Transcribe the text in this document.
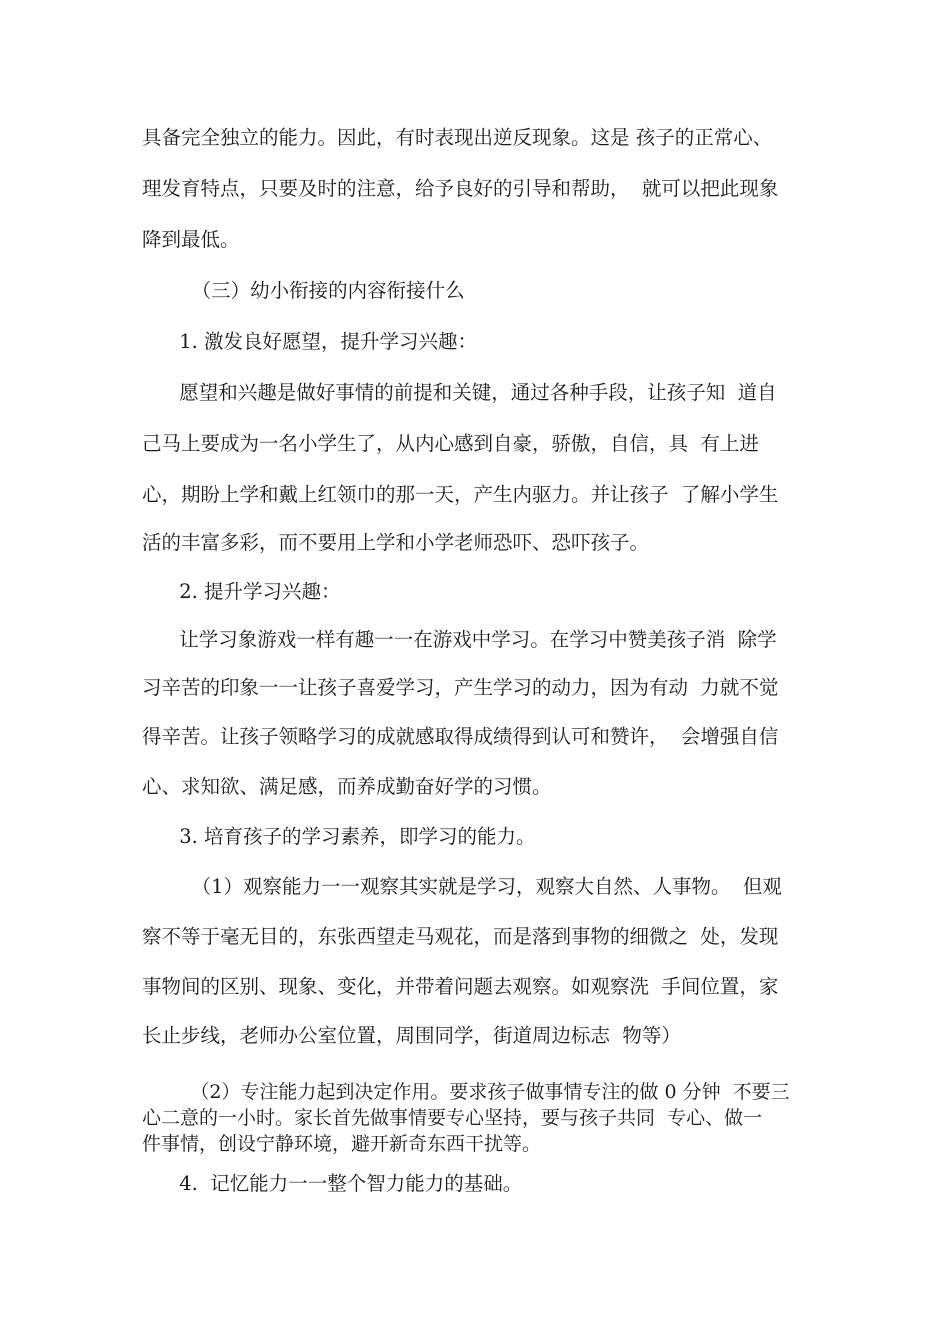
具备完全独立的能力。因此，有时表现出逆反现象。这是 孩子的正常心、

理发育特点，只要及时的注意，给予良好的引导和帮助，  就可以把此现象

降到最低。

（三）幼小衔接的内容衔接什么

1. 激发良好愿望，提升学习兴趣：

愿望和兴趣是做好事情的前提和关键，通过各种手段，让孩子知  道自

己马上要成为一名小学生了，从内心感到自豪，骄傲，自信，具  有上进

心，期盼上学和戴上红领巾的那一天，产生内驱力。并让孩子  了解小学生

活的丰富多彩，而不要用上学和小学老师恐吓、恐吓孩子。

2. 提升学习兴趣：

让学习象游戏一样有趣一一在游戏中学习。在学习中赞美孩子消  除学

习辛苦的印象一一让孩子喜爱学习，产生学习的动力，因为有动  力就不觉

得辛苦。让孩子领略学习的成就感取得成绩得到认可和赞许，  会增强自信

心、求知欲、满足感，而养成勤奋好学的习惯。

3. 培育孩子的学习素养，即学习的能力。

（1）观察能力一一观察其实就是学习，观察大自然、人事物。  但观

察不等于毫无目的，东张西望走马观花，而是落到事物的细微之  处，发现

事物间的区别、现象、变化，并带着问题去观察。如观察洗  手间位置，家

长止步线，老师办公室位置，周围同学，街道周边标志  物等）

（2）专注能力起到决定作用。要求孩子做事情专注的做 0 分钟  不要三

心二意的一小时。家长首先做事情要专心坚持，要与孩子共同  专心、做一

件事情，创设宁静环境，避开新奇东西干扰等。

4.  记忆能力一一整个智力能力的基础。
